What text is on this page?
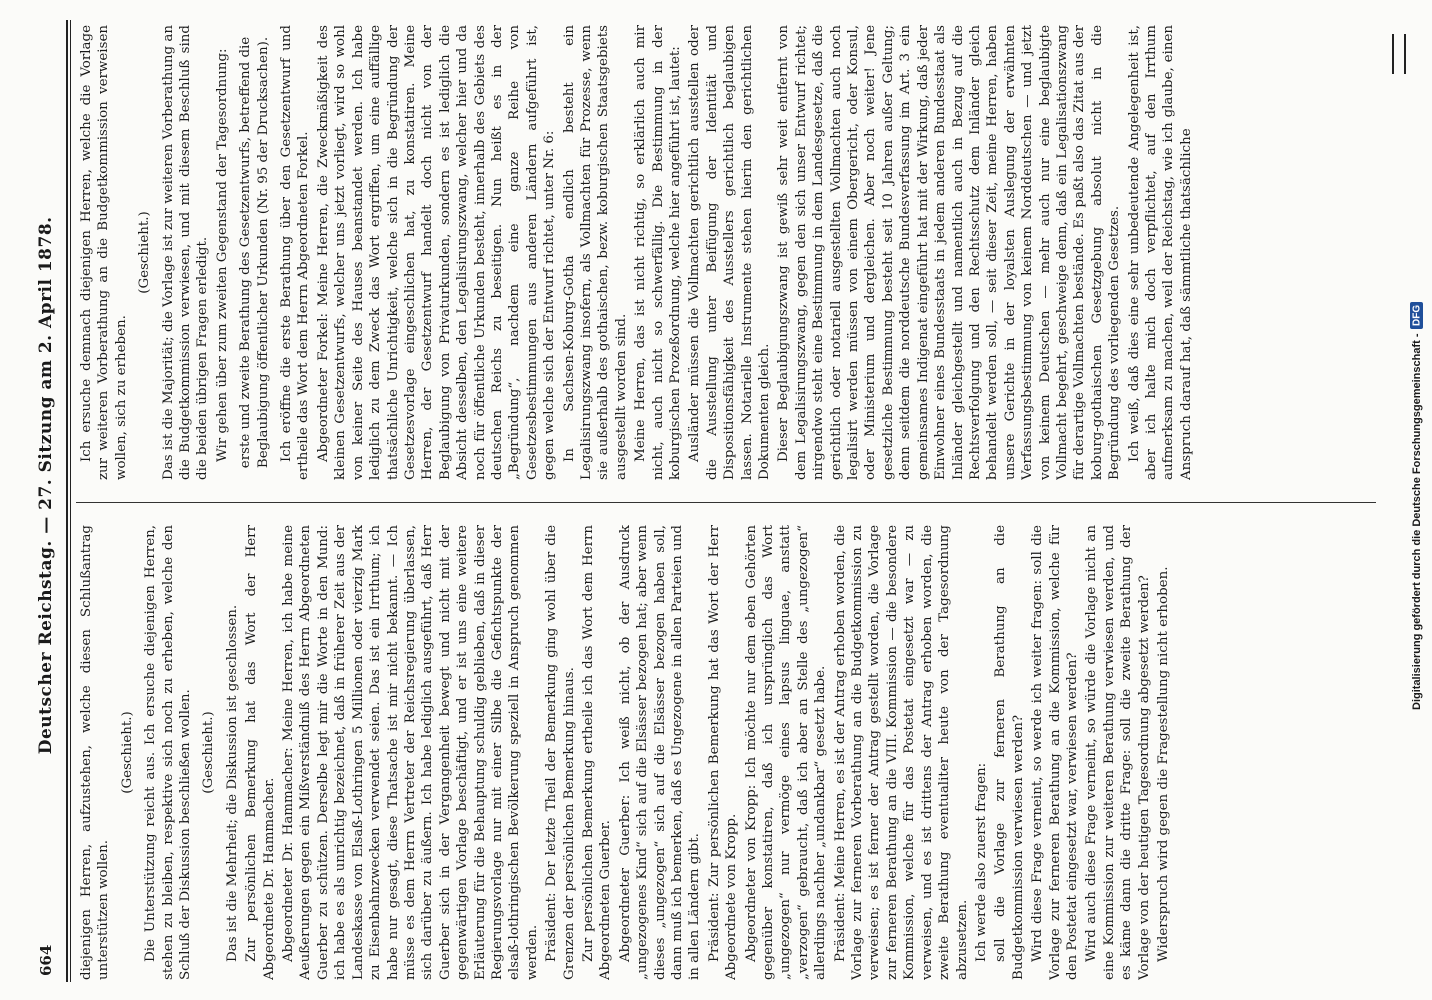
664
Deutscher Reichstag. — 27. Sitzung am 2. April 1878. diejenigen Herren, aufzustehen, welche diesen Schlußantrag unterstützen wollen.

(Geschieht.) Die Unterstützung reicht aus. Ich ersuche diejenigen Herren, stehen zu bleiben, respektive sich noch zu erheben, welche den Schluß der Diskussion beschließen wollen. (Geschieht.) Das ist die Mehrheit; die Diskussion ist geschlossen. Zur persönlichen Bemerkung hat das Wort der Herr Abgeordnete Dr. Hammacher. Abgeordneter Dr. Hammacher: Meine Herren, ich habe meine Aeußerungen gegen ein Mißverständniß des Herrn Abgeordneten Guerber zu schützen. Derselbe legt mir die Worte in den Mund: ich habe es als unrichtig bezeichnet, daß in früherer Zeit aus der Landeskasse von Elsaß-Lothringen 5 Millionen oder vierzig Mark zu Eisenbahnzwecken verwendet seien. Das ist ein Irrthum; ich habe nur gesagt, diese Thatsache ist mir nicht bekannt. — Ich müsse es dem Herrn Vertreter der Reichsregierung überlassen, sich darüber zu äußern. Ich habe lediglich ausgeführt, daß Herr Guerber sich in der Vergangenheit bewegt und nicht mit der gegenwärtigen Vorlage beschäftigt, und er ist uns eine weitere Erläuterung für die Behauptung schuldig geblieben, daß in dieser Regierungsvorlage nur mit einer Silbe die Gefichtspunkte der elsaß-lothringischen Bevölkerung speziell in Anspruch genommen werden. Präsident: Der letzte Theil der Bemerkung ging wohl über die Grenzen der persönlichen Bemerkung hinaus. Zur persönlichen Bemerkung ertheile ich das Wort dem Herrn Abgeordneten Guerber. Abgeordneter Guerber: Ich weiß nicht, ob der Ausdruck „ungezogenes Kind“ sich auf die Elsässer bezogen hat; aber wenn dieses „ungezogen“ sich auf die Elsässer bezogen haben soll, dann muß ich bemerken, daß es Ungezogene in allen Parteien und in allen Ländern gibt. Präsident: Zur persönlichen Bemerkung hat das Wort der Herr Abgeordnete von Kropp. Abgeordneter von Kropp: Ich möchte nur dem eben Gehörten gegenüber konstatiren, daß ich ursprünglich das Wort „ungezogen“ nur vermöge eines lapsus linguae, anstatt „verzogen“ gebraucht, daß ich aber an Stelle des „ungezogen“ allerdings nachher „undankbar“ gesetzt habe. Präsident: Meine Herren, es ist der Antrag erhoben worden, die Vorlage zur ferneren Vorberathung an die Budgetkommission zu verweisen; es ist ferner der Antrag gestellt worden, die Vorlage zur ferneren Berathung an die VIII. Kommission — die besondere Kommission, welche für das Postetat eingesetzt war — zu verweisen, und es ist drittens der Antrag erhoben worden, die zweite Berathung eventualiter heute von der Tagesordnung abzusetzen. Ich werde also zuerst fragen: soll die Vorlage zur ferneren Berathung an die Budgetkommission verwiesen werden? Wird diese Frage verneint, so werde ich weiter fragen: soll die Vorlage zur ferneren Berathung an die Kommission, welche für den Postetat eingesetzt war, verwiesen werden? Wird auch diese Frage verneint, so würde die Vorlage nicht an eine Kommission zur weiteren Berathung verwiesen werden, und es käme dann die dritte Frage: soll die zweite Berathung der Vorlage von der heutigen Tagesordnung abgesetzt werden? Widerspruch wird gegen die Fragestellung nicht erhoben.

Ich ersuche demnach diejenigen Herren, welche die Vorlage zur weiteren Vorberathung an die Budgetkommission verweisen wollen, sich zu erheben.

(Geschieht.) Das ist die Majorität; die Vorlage ist zur weiteren Vorberathung an die Budgetkommission verwiesen, und mit diesem Beschluß sind die beiden übrigen Fragen erledigt. Wir gehen über zum zweiten Gegenstand der Tagesordnung: erste und zweite Berathung des Gesetzentwurfs, betreffend die Beglaubigung öffentlicher Urkunden (Nr. 95 der Drucksachen). Ich eröffne die erste Berathung über den Gesetzentwurf und ertheile das Wort dem Herrn Abgeordneten Forkel. Abgeordneter Forkel: Meine Herren, die Zweckmäßigkeit des kleinen Gesetzentwurfs, welcher uns jetzt vorliegt, wird so wohl von keiner Seite des Hauses beanstandet werden. Ich habe lediglich zu dem Zweck das Wort ergriffen, um eine auffällige thatsächliche Unrichtigkeit, welche sich in die Begründung der Gesetzesvorlage eingeschlichen hat, zu konstatiren. Meine Herren, der Gesetzentwurf handelt doch nicht von der Beglaubigung von Privaturkunden, sondern es ist lediglich die Absicht desselben, den Legalisirungszwang, welcher hier und da noch für öffentliche Urkunden besteht, innerhalb des Gebiets des deutschen Reichs zu beseitigen. Nun heißt es in der „Begründung“, nachdem eine ganze Reihe von Gesetzesbestimmungen aus anderen Ländern aufgeführt ist, gegen welche sich der Entwurf richtet, unter Nr. 6: In Sachsen-Koburg-Gotha endlich besteht ein Legalisirungszwang insofern, als Vollmachten für Prozesse, wenn sie außerhalb des gothaischen, bezw. koburgischen Staatsgebiets ausgestellt worden sind. Meine Herren, das ist nicht richtig, so erklärlich auch mir nicht, auch nicht so schwerfällig. Die Bestimmung in der koburgischen Prozeßordnung, welche hier angeführt ist, lautet: Ausländer müssen die Vollmachten gerichtlich ausstellen oder die Ausstellung unter Beifügung der Identität und Dispositionsfähigkeit des Ausstellers gerichtlich beglaubigen lassen. Notarielle Instrumente stehen hierin den gerichtlichen Dokumenten gleich. Dieser Beglaubigungszwang ist gewiß sehr weit entfernt von dem Legalisirungszwang, gegen den sich unser Entwurf richtet; nirgendwo steht eine Bestimmung in dem Landesgesetze, daß die gerichtlich oder notariell ausgestellten Vollmachten auch noch legalisirt werden müssen von einem Obergericht, oder Konsul, oder Ministerium und dergleichen. Aber noch weiter! Jene gesetzliche Bestimmung besteht seit 10 Jahren außer Geltung; denn seitdem die norddeutsche Bundesverfassung im Art. 3 ein gemeinsames Indigenat eingeführt hat mit der Wirkung, daß jeder Einwohner eines Bundesstaats in jedem anderen Bundesstaat als Inländer gleichgestellt und namentlich auch in Bezug auf die Rechtsverfolgung und den Rechtsschutz dem Inländer gleich behandelt werden soll, — seit dieser Zeit, meine Herren, haben unsere Gerichte in der loyalsten Auslegung der erwähnten Verfassungsbestimmung von keinem Norddeutschen — und jetzt von keinem Deutschen — mehr auch nur eine beglaubigte Vollmacht begehrt, geschweige denn, daß ein Legalisationszwang für derartige Vollmachten bestände. Es paßt also das Zitat aus der koburg-gothaischen Gesetzgebung absolut nicht in die Begründung des vorliegenden Gesetzes. Ich weiß, daß dies eine sehr unbedeutende Angelegenheit ist, aber ich halte mich doch verpflichtet, auf den Irrthum aufmerksam zu machen, weil der Reichstag, wie ich glaube, einen Anspruch darauf hat, daß sämmtliche thatsächliche

Digitalisierung gefördert durch die Deutsche Forschungsgemeinschaft -
DFG
